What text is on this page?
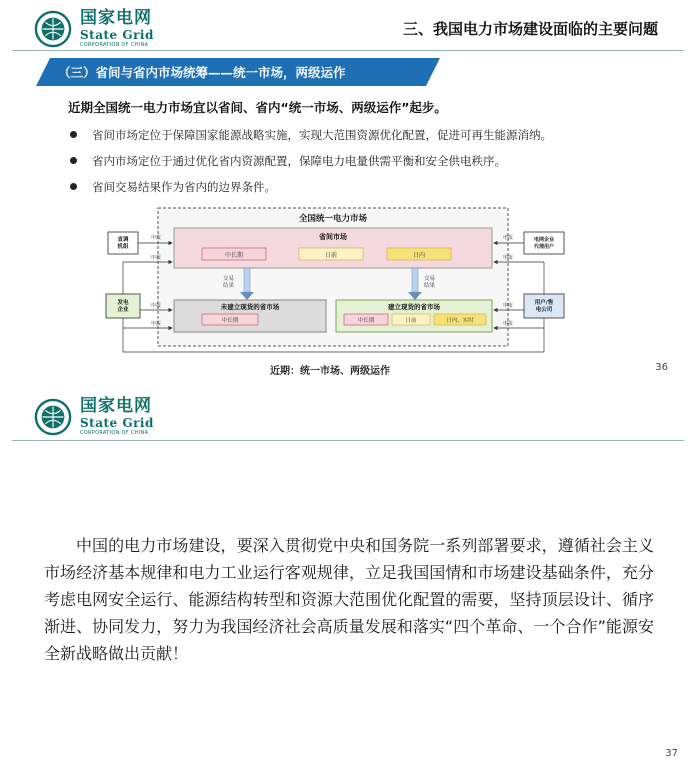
国家电网
State Grid
CORPORATION OF CHINA
三、我国电力市场建设面临的主要问题
（三）省间与省内市场统筹——统一市场，两级运作
近期全国统一电力市场宜以省间、省内“统一市场、两级运作”起步。
省间市场定位于保障国家能源战略实施，实现大范围资源优化配置，促进可再生能源消纳。
省内市场定位于通过优化省内资源配置，保障电力电量供需平衡和安全供电秩序。
省间交易结果作为省内的边界条件。
全国统一电力市场
省间市场
中长期	日前	日内
交易结果
交易结果
未建立现货的省市场
中长期
建立现货的省市场
中长期	日前	日内、实时
直调机组
发电企业
电网企业代理用户
用户/售电公司
申报
申报
申报
申报
申报
申报
申报
申报
近期：统一市场、两级运作	36
国家电网
State Grid
CORPORATION OF CHINA

中国的电力市场建设，要深入贯彻党中央和国务院一系列部署要求，遵循社会主义市场经济基本规律和电力工业运行客观规律，立足我国国情和市场建设基础条件，充分考虑电网安全运行、能源结构转型和资源大范围优化配置的需要，坚持顶层设计、循序渐进、协同发力，努力为我国经济社会高质量发展和落实“四个革命、一个合作”能源安全新战略做出贡献！

37
